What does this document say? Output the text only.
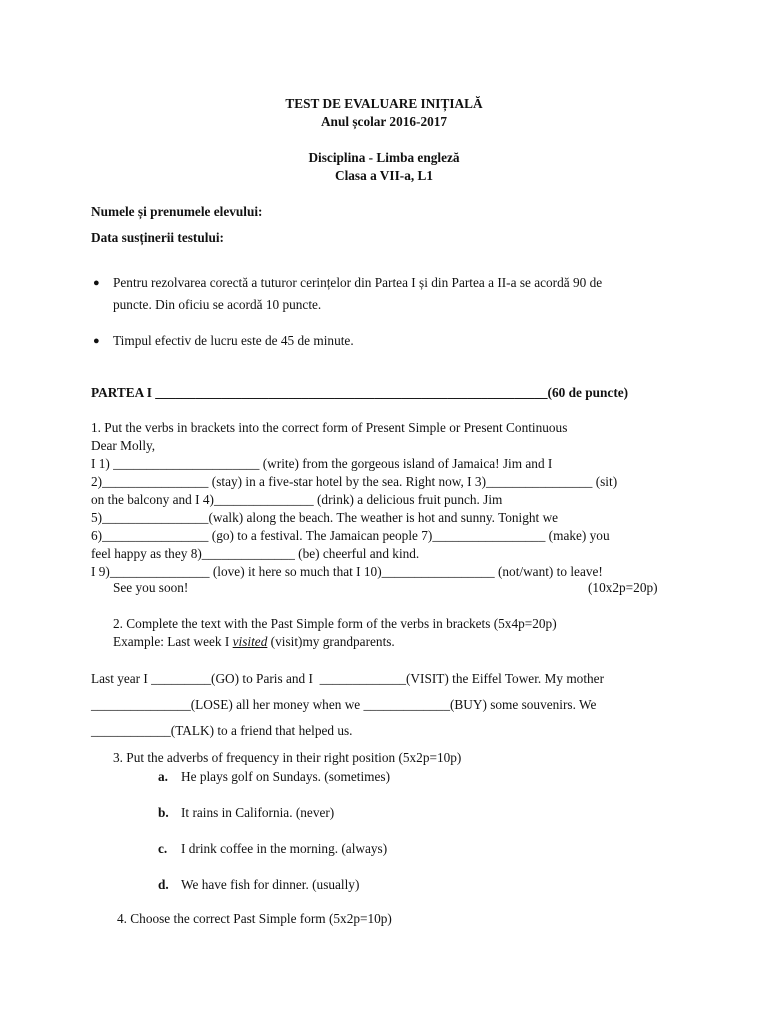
TEST DE EVALUARE INIȚIALĂ
Anul școlar 2016-2017
Disciplina - Limba engleză
Clasa a VII-a, L1
Numele și prenumele elevului:
Data susținerii testului:
● Pentru rezolvarea corectă a tuturor cerințelor din Partea I și din Partea a II-a se acordă 90 de
puncte. Din oficiu se acordă 10 puncte.
● Timpul efectiv de lucru este de 45 de minute.
PARTEA I ___________________________________________________________(60 de puncte)
1. Put the verbs in brackets into the correct form of Present Simple or Present Continuous
Dear Molly,
I 1) ______________________ (write) from the gorgeous island of Jamaica! Jim and I
2)________________ (stay) in a five-star hotel by the sea. Right now, I 3)________________ (sit)
on the balcony and I 4)_______________ (drink) a delicious fruit punch. Jim
5)________________(walk) along the beach. The weather is hot and sunny. Tonight we
6)________________ (go) to a festival. The Jamaican people 7)_________________ (make) you
feel happy as they 8)______________ (be) cheerful and kind.
I 9)_______________ (love) it here so much that I 10)_________________ (not/want) to leave!
See you soon!	(10x2p=20p)
2. Complete the text with the Past Simple form of the verbs in brackets (5x4p=20p)
Example: Last week I visited (visit)my grandparents.
Last year I _________(GO) to Paris and I  _____________(VISIT) the Eiffel Tower. My mother
_______________(LOSE) all her money when we _____________(BUY) some souvenirs. We
____________(TALK) to a friend that helped us.
3. Put the adverbs of frequency in their right position (5x2p=10p)
a. He plays golf on Sundays. (sometimes)
b. It rains in California. (never)
c. I drink coffee in the morning. (always)
d. We have fish for dinner. (usually)
4. Choose the correct Past Simple form (5x2p=10p)
